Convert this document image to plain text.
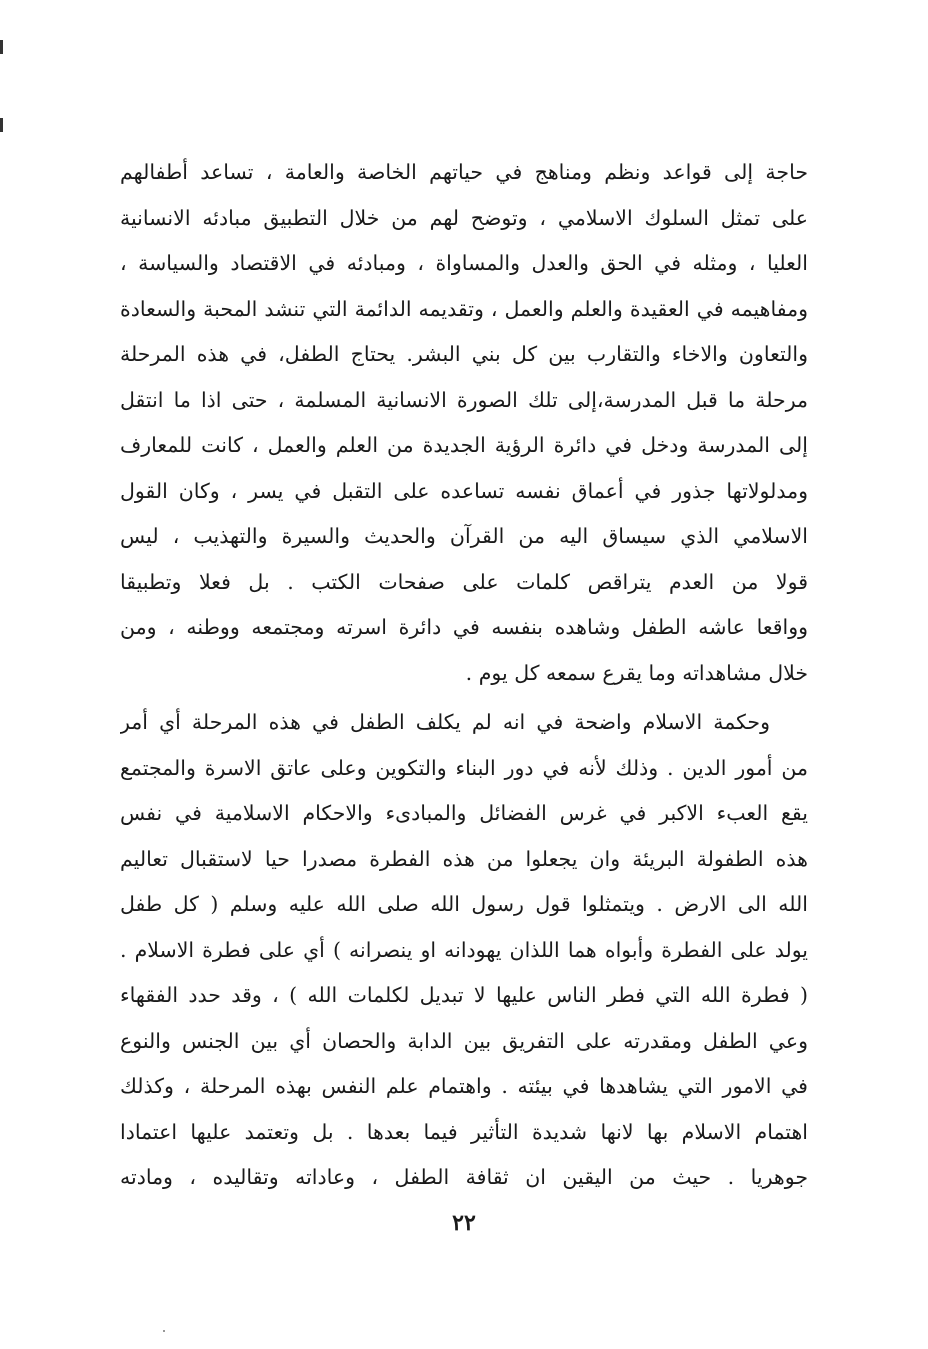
حاجة إلى قواعد ونظم ومناهج في حياتهم الخاصة والعامة ، تساعد أطفالهم
على تمثل السلوك الاسلامي ، وتوضح لهم من خلال التطبيق مبادئه الانسانية
العليا ، ومثله في الحق والعدل والمساواة ، ومبادئه في الاقتصاد والسياسة ،
ومفاهيمه في العقيدة والعلم والعمل ، وتقديمه الدائمة التي تنشد المحبة والسعادة
والتعاون والاخاء والتقارب بين كل بني البشر. يحتاج الطفل، في هذه المرحلة
مرحلة ما قبل المدرسة،إلى تلك الصورة الانسانية المسلمة ، حتى اذا ما انتقل
إلى المدرسة ودخل في دائرة الرؤية الجديدة من العلم والعمل ، كانت للمعارف
ومدلولاتها جذور في أعماق نفسه تساعده على التقبل في يسر ، وكان القول
الاسلامي الذي سيساق اليه من القرآن والحديث والسيرة والتهذيب ، ليس
قولا من العدم يتراقص كلمات على صفحات الكتب . بل فعلا وتطبيقا
وواقعا عاشه الطفل وشاهده بنفسه في دائرة اسرته ومجتمعه ووطنه ، ومن
خلال مشاهداته وما يقرع سمعه كل يوم .
وحكمة الاسلام واضحة في انه لم يكلف الطفل في هذه المرحلة أي أمر
من أمور الدين . وذلك لأنه في دور البناء والتكوين وعلى عاتق الاسرة والمجتمع
يقع العبء الاكبر في غرس الفضائل والمبادىء والاحكام الاسلامية في نفس
هذه الطفولة البريئة وان يجعلوا من هذه الفطرة مصدرا حيا لاستقبال تعاليم
الله الى الارض . ويتمثلوا قول رسول الله صلى الله عليه وسلم ( كل طفل
يولد على الفطرة وأبواه هما اللذان يهودانه او ينصرانه ) أي على فطرة الاسلام .
( فطرة الله التي فطر الناس عليها لا تبديل لكلمات الله ) ، وقد حدد الفقهاء
وعي الطفل ومقدرته على التفريق بين الدابة والحصان أي بين الجنس والنوع
في الامور التي يشاهدها في بيئته . واهتمام علم النفس بهذه المرحلة ، وكذلك
اهتمام الاسلام بها لانها شديدة التأثير فيما بعدها . بل وتعتمد عليها اعتمادا
جوهريا . حيث من اليقين ان ثقافة الطفل ، وعاداته وتقاليده ، ومادته
٢٢
